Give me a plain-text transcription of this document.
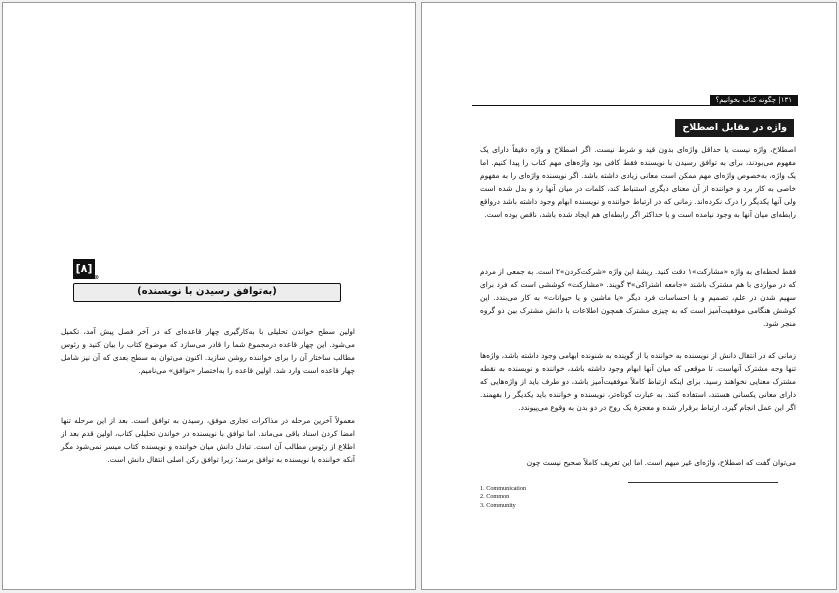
[۸]
⊗
(به‌توافق رسیدن با نویسنده)

اولین سطح خواندن تحلیلی با به‌کارگیری چهار قاعده‌ای که در آخر فصل پیش آمد، تکمیل می‌شود. این چهار قاعده درمجموع شما را قادر می‌سازد که موضوع کتاب را بیان کنید و رئوس مطالب ساختار آن را برای خواننده روشن سازید. اکنون می‌توان به سطح بعدی که آن نیز شامل چهار قاعده است وارد شد. اولین قاعده را به‌اختصار «توافق» می‌نامیم.

معمولاً آخرین مرحله در مذاکرات تجاری موفق، رسیدن به توافق است. بعد از این مرحله تنها امضا کردن اسناد باقی می‌ماند. اما توافق با نویسنده در خواندن تحلیلی کتاب، اولین قدم بعد از اطلاع از رئوس مطالب آن است. تبادل دانش میان خواننده و نویسنده کتاب میسر نمی‌شود مگر آنکه خواننده با نویسنده به توافق برسد؛ زیرا توافق رکن اصلی انتقال دانش است.

۱۳۱| چگونه کتاب بخوانیم؟
واژه در مقابل اصطلاح

اصطلاح، واژه نیست یا حداقل واژه‌ای بدون قید و شرط نیست. اگر اصطلاح و واژه دقیقاً دارای یک مفهوم می‌بودند، برای به توافق رسیدن با نویسنده فقط کافی بود واژه‌های مهم کتاب را پیدا کنیم. اما یک واژه، به‌خصوص واژه‌ای مهم ممکن است معانی زیادی داشته باشد. اگر نویسنده واژه‌ای را به مفهوم خاصی به کار برد و خواننده از آن معنای دیگری استنباط کند، کلمات در میان آنها رد و بدل شده است ولی آنها یکدیگر را درک نکرده‌اند. زمانی که در ارتباط خواننده و نویسنده ابهام وجود داشته باشد درواقع رابطه‌ای میان آنها به وجود نیامده است و یا حداکثر اگر رابطه‌ای هم ایجاد شده باشد، ناقص بوده است.

فقط لحظه‌ای به واژه «مشارکت»۱ دقت کنید. ریشهٔ این واژه «شرکت‌کردن»۲ است. به جمعی از مردم که در مواردی با هم مشترک باشند «جامعه اشتراکی»۳ گویند. «مشارکت» کوششی است که فرد برای سهیم شدن در علم، تصمیم و یا احساسات فرد دیگر «یا ماشین و یا حیوانات» به کار می‌بندد. این کوشش هنگامی موفقیت‌آمیز است که به چیزی مشترک همچون اطلاعات یا دانش مشترک بین دو گروه منجر شود.

زمانی که در انتقال دانش از نویسنده به خواننده یا از گوینده به شنونده ابهامی وجود داشته باشد، واژه‌ها تنها وجه مشترک آنهاست. تا موقعی که میان آنها ابهام وجود داشته باشد، خواننده و نویسنده به نقطه مشترک معنایی نخواهند رسید. برای اینکه ارتباط کاملاً موفقیت‌آمیز باشد، دو طرف باید از واژه‌هایی که دارای معانی یکسانی هستند، استفاده کنند. به عبارت کوتاه‌تر، نویسنده و خواننده باید یکدیگر را بفهمند. اگر این عمل انجام گیرد، ارتباط برقرار شده و معجزهٔ یک روح در دو بدن به وقوع می‌پیوندد.

می‌توان گفت که اصطلاح، واژه‌ای غیر مبهم است. اما این تعریف کاملاً صحیح نیست چون

1. Communication
2. Common
3. Community
